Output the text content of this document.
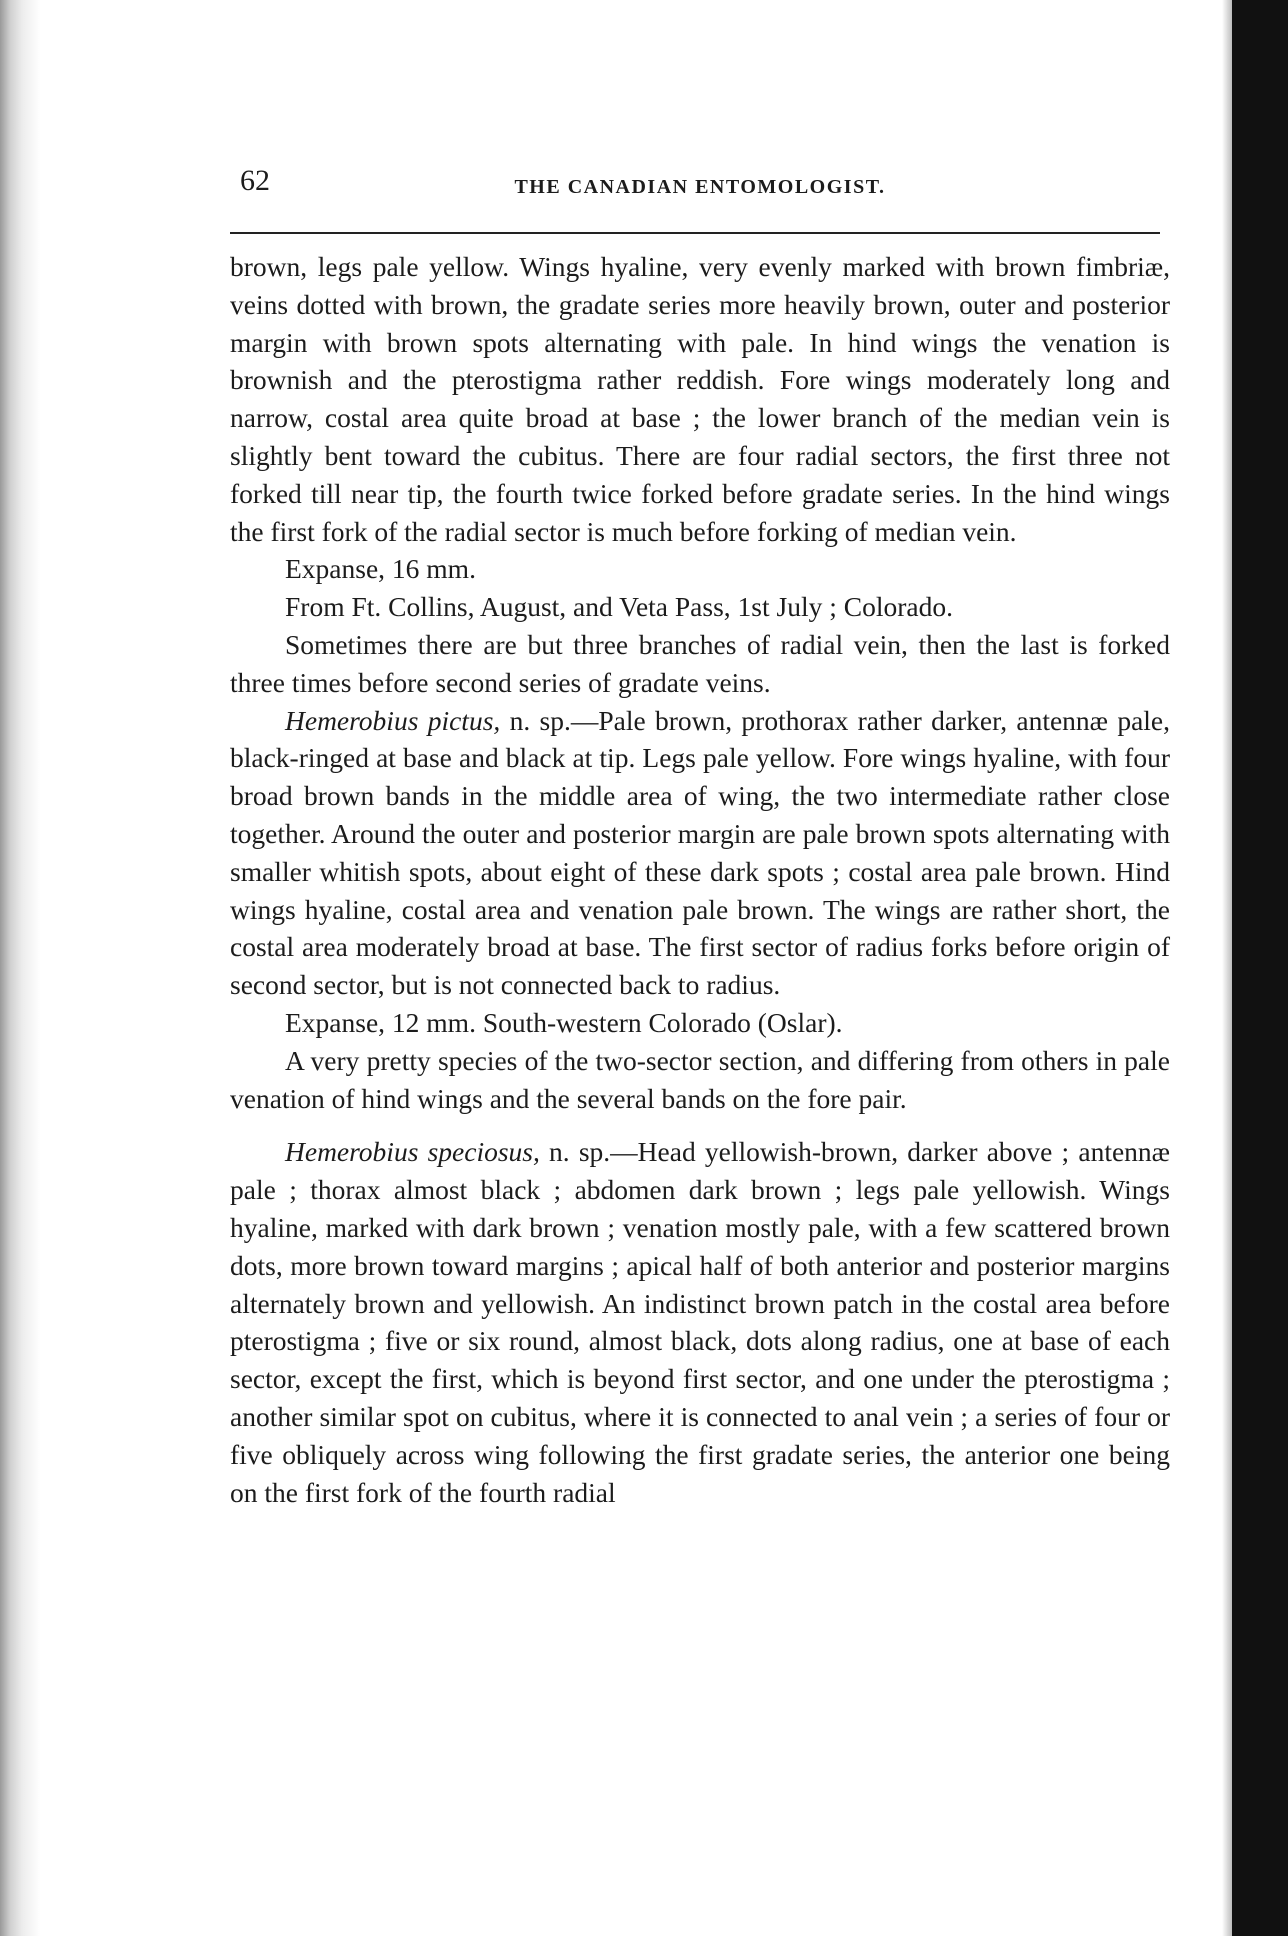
62	THE CANADIAN ENTOMOLOGIST.

brown, legs pale yellow. Wings hyaline, very evenly marked with brown fimbriæ, veins dotted with brown, the gradate series more heavily brown, outer and posterior margin with brown spots alternating with pale. In hind wings the venation is brownish and the pterostigma rather reddish. Fore wings moderately long and narrow, costal area quite broad at base ; the lower branch of the median vein is slightly bent toward the cubitus. There are four radial sectors, the first three not forked till near tip, the fourth twice forked before gradate series. In the hind wings the first fork of the radial sector is much before forking of median vein.

Expanse, 16 mm.

From Ft. Collins, August, and Veta Pass, 1st July ; Colorado.

Sometimes there are but three branches of radial vein, then the last is forked three times before second series of gradate veins.

Hemerobius pictus, n. sp.—Pale brown, prothorax rather darker, antennæ pale, black-ringed at base and black at tip. Legs pale yellow. Fore wings hyaline, with four broad brown bands in the middle area of wing, the two intermediate rather close together. Around the outer and posterior margin are pale brown spots alternating with smaller whitish spots, about eight of these dark spots ; costal area pale brown. Hind wings hyaline, costal area and venation pale brown. The wings are rather short, the costal area moderately broad at base. The first sector of radius forks before origin of second sector, but is not connected back to radius.

Expanse, 12 mm. South-western Colorado (Oslar).

A very pretty species of the two-sector section, and differing from others in pale venation of hind wings and the several bands on the fore pair.

Hemerobius speciosus, n. sp.—Head yellowish-brown, darker above ; antennæ pale ; thorax almost black ; abdomen dark brown ; legs pale yellowish. Wings hyaline, marked with dark brown ; venation mostly pale, with a few scattered brown dots, more brown toward margins ; apical half of both anterior and posterior margins alternately brown and yellowish. An indistinct brown patch in the costal area before pterostigma ; five or six round, almost black, dots along radius, one at base of each sector, except the first, which is beyond first sector, and one under the pterostigma ; another similar spot on cubitus, where it is connected to anal vein ; a series of four or five obliquely across wing following the first gradate series, the anterior one being on the first fork of the fourth radial
